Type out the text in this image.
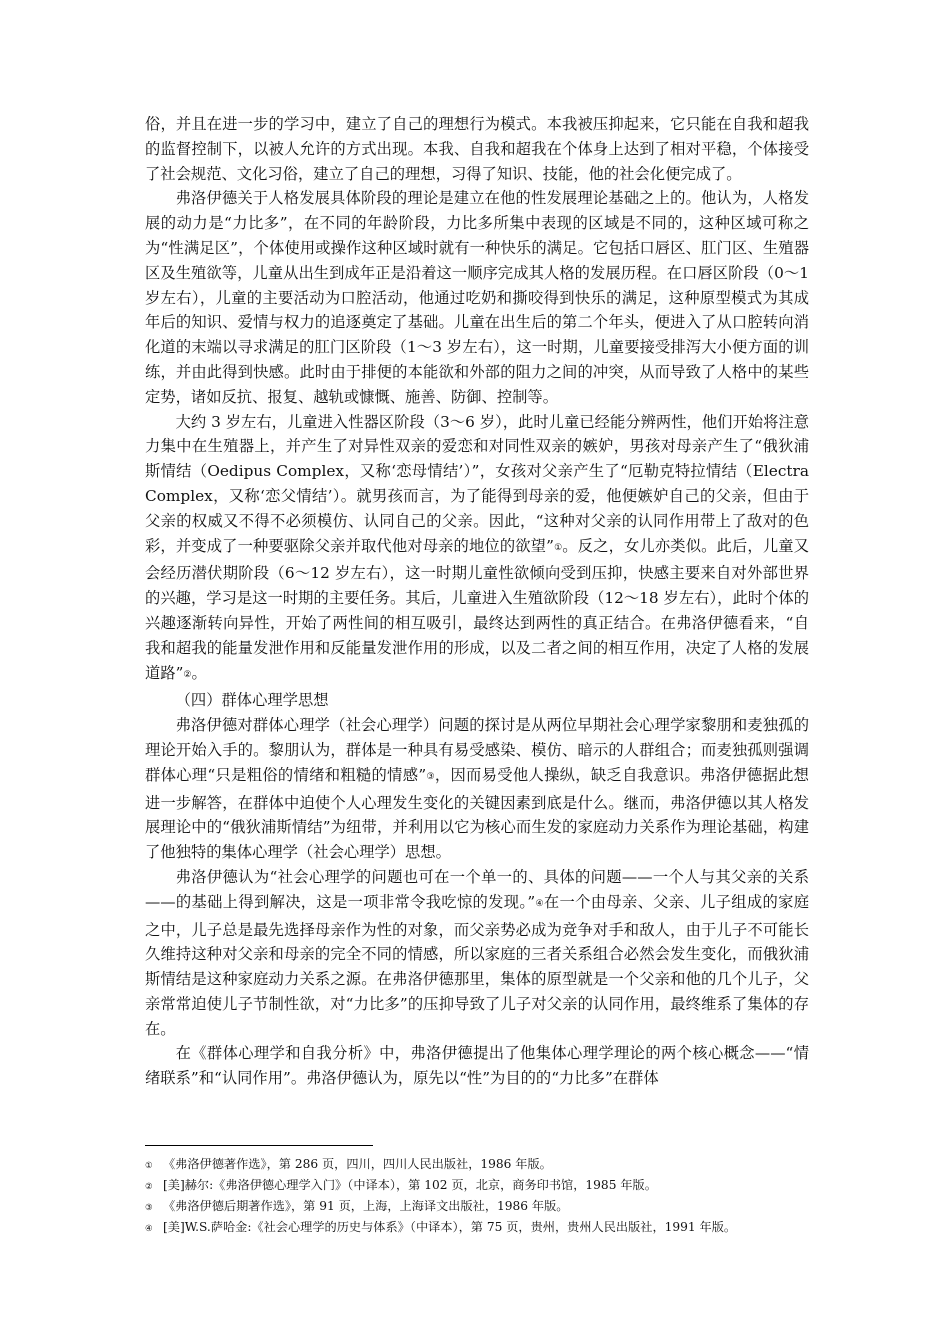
俗，并且在进一步的学习中，建立了自己的理想行为模式。本我被压抑起来，它只能在自我和超我的监督控制下，以被人允许的方式出现。本我、自我和超我在个体身上达到了相对平稳，个体接受了社会规范、文化习俗，建立了自己的理想，习得了知识、技能，他的社会化便完成了。

弗洛伊德关于人格发展具体阶段的理论是建立在他的性发展理论基础之上的。他认为，人格发展的动力是“力比多”，在不同的年龄阶段，力比多所集中表现的区域是不同的，这种区域可称之为“性满足区”，个体使用或操作这种区域时就有一种快乐的满足。它包括口唇区、肛门区、生殖器区及生殖欲等，儿童从出生到成年正是沿着这一顺序完成其人格的发展历程。在口唇区阶段（0～1 岁左右），儿童的主要活动为口腔活动，他通过吃奶和撕咬得到快乐的满足，这种原型模式为其成年后的知识、爱情与权力的追逐奠定了基础。儿童在出生后的第二个年头，便进入了从口腔转向消化道的末端以寻求满足的肛门区阶段（1～3 岁左右），这一时期，儿童要接受排泻大小便方面的训练，并由此得到快感。此时由于排便的本能欲和外部的阻力之间的冲突，从而导致了人格中的某些定势，诸如反抗、报复、越轨或慷慨、施善、防御、控制等。

大约 3 岁左右，儿童进入性器区阶段（3～6 岁），此时儿童已经能分辨两性，他们开始将注意力集中在生殖器上，并产生了对异性双亲的爱恋和对同性双亲的嫉妒，男孩对母亲产生了“俄狄浦斯情结（Oedipus Complex，又称‘恋母情结’）”，女孩对父亲产生了“厄勒克特拉情结（Electra Complex，又称‘恋父情结’）。就男孩而言，为了能得到母亲的爱，他便嫉妒自己的父亲，但由于父亲的权威又不得不必须模仿、认同自己的父亲。因此，“这种对父亲的认同作用带上了敌对的色彩，并变成了一种要驱除父亲并取代他对母亲的地位的欲望”①。反之，女儿亦类似。此后，儿童又会经历潜伏期阶段（6～12 岁左右），这一时期儿童性欲倾向受到压抑，快感主要来自对外部世界的兴趣，学习是这一时期的主要任务。其后，儿童进入生殖欲阶段（12～18 岁左右），此时个体的兴趣逐渐转向异性，开始了两性间的相互吸引，最终达到两性的真正结合。在弗洛伊德看来，“自我和超我的能量发泄作用和反能量发泄作用的形成，以及二者之间的相互作用，决定了人格的发展道路”②。

（四）群体心理学思想

弗洛伊德对群体心理学（社会心理学）问题的探讨是从两位早期社会心理学家黎朋和麦独孤的理论开始入手的。黎朋认为，群体是一种具有易受感染、模仿、暗示的人群组合；而麦独孤则强调群体心理“只是粗俗的情绪和粗糙的情感”③，因而易受他人操纵，缺乏自我意识。弗洛伊德据此想进一步解答，在群体中迫使个人心理发生变化的关键因素到底是什么。继而，弗洛伊德以其人格发展理论中的“俄狄浦斯情结”为纽带，并利用以它为核心而生发的家庭动力关系作为理论基础，构建了他独特的集体心理学（社会心理学）思想。

弗洛伊德认为“社会心理学的问题也可在一个单一的、具体的问题——一个人与其父亲的关系——的基础上得到解决，这是一项非常令我吃惊的发现。”④在一个由母亲、父亲、儿子组成的家庭之中，儿子总是最先选择母亲作为性的对象，而父亲势必成为竞争对手和敌人，由于儿子不可能长久维持这种对父亲和母亲的完全不同的情感，所以家庭的三者关系组合必然会发生变化，而俄狄浦斯情结是这种家庭动力关系之源。在弗洛伊德那里，集体的原型就是一个父亲和他的几个儿子，父亲常常迫使儿子节制性欲，对“力比多”的压抑导致了儿子对父亲的认同作用，最终维系了集体的存在。

在《群体心理学和自我分析》中，弗洛伊德提出了他集体心理学理论的两个核心概念——“情绪联系”和“认同作用”。弗洛伊德认为，原先以“性”为目的的“力比多”在群体

① 《弗洛伊德著作选》，第 286 页，四川，四川人民出版社，1986 年版。
② [美]赫尔:《弗洛伊德心理学入门》（中译本），第 102 页，北京，商务印书馆，1985 年版。
③ 《弗洛伊德后期著作选》，第 91 页，上海，上海译文出版社，1986 年版。
④ [美]W.S.萨哈金:《社会心理学的历史与体系》（中译本），第 75 页，贵州，贵州人民出版社，1991 年版。
